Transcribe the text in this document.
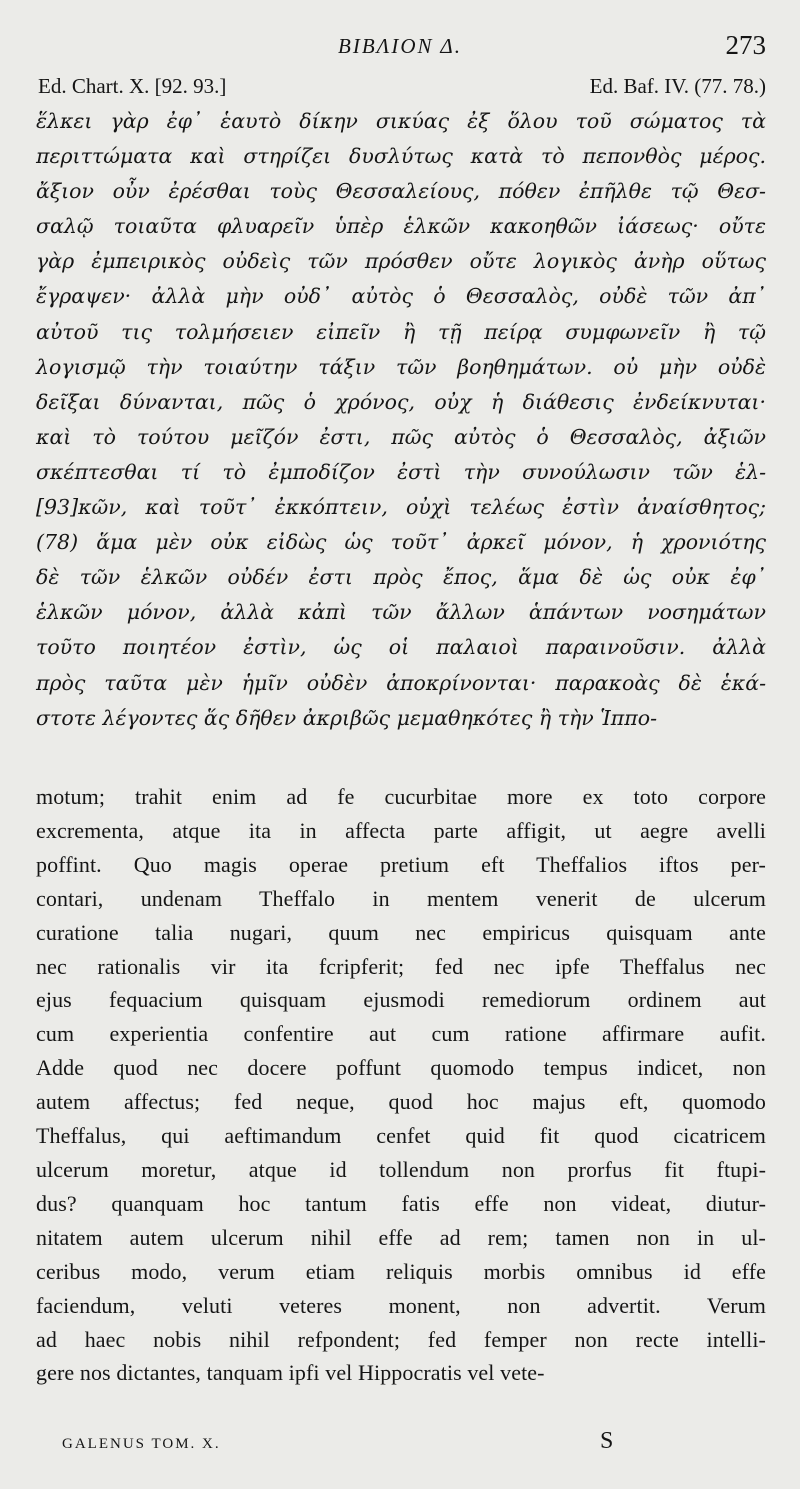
ΒΙΒΛΙΟΝ Δ.	273
Ed. Chart. X. [92. 93.]	Ed. Baf. IV. (77. 78.)
ἕλκει γὰρ ἐφ᾽ ἑαυτὸ δίκην σικύας ἐξ ὅλου τοῦ σώματος τὰ
περιττώματα καὶ στηρίζει δυσλύτως κατὰ τὸ πεπονθὸς μέρος.
ἄξιον οὖν ἐρέσθαι τοὺς Θεσσαλείους, πόθεν ἐπῆλθε τῷ Θεσ-
σαλῷ τοιαῦτα φλυαρεῖν ὑπὲρ ἑλκῶν κακοηθῶν ἰάσεως· οὔτε
γὰρ ἐμπειρικὸς οὐδεὶς τῶν πρόσθεν οὔτε λογικὸς ἀνὴρ οὕτως
ἔγραψεν· ἀλλὰ μὴν οὐδ᾽ αὐτὸς ὁ Θεσσαλὸς, οὐδὲ τῶν ἀπ᾽
αὐτοῦ τις τολμήσειεν εἰπεῖν ἢ τῇ πείρᾳ συμφωνεῖν ἢ τῷ
λογισμῷ τὴν τοιαύτην τάξιν τῶν βοηθημάτων. οὐ μὴν οὐδὲ
δεῖξαι δύνανται, πῶς ὁ χρόνος, οὐχ ἡ διάθεσις ἐνδείκνυται·
καὶ τὸ τούτου μεῖζόν ἐστι, πῶς αὐτὸς ὁ Θεσσαλὸς, ἀξιῶν
σκέπτεσθαι τί τὸ ἐμποδίζον ἐστὶ τὴν συνούλωσιν τῶν ἑλ-
[93]κῶν, καὶ τοῦτ᾽ ἐκκόπτειν, οὐχὶ τελέως ἐστὶν ἀναίσθητος;
(78) ἅμα μὲν οὐκ εἰδὼς ὡς τοῦτ᾽ ἀρκεῖ μόνον, ἡ χρονιότης
δὲ τῶν ἑλκῶν οὐδέν ἐστι πρὸς ἔπος, ἅμα δὲ ὡς οὐκ ἐφ᾽
ἑλκῶν μόνον, ἀλλὰ κἀπὶ τῶν ἄλλων ἁπάντων νοσημάτων
τοῦτο ποιητέον ἐστὶν, ὡς οἱ παλαιοὶ παραινοῦσιν. ἀλλὰ
πρὸς ταῦτα μὲν ἡμῖν οὐδὲν ἀποκρίνονται· παρακοὰς δὲ ἑκά-
στοτε λέγοντες ἅς δῆθεν ἀκριβῶς μεμαθηκότες ἢ τὴν Ἱππο-
motum; trahit enim ad fe cucurbitae more ex toto corpore
excrementa, atque ita in affecta parte affigit, ut aegre avelli
poffint. Quo magis operae pretium eft Theffalios iftos per-
contari, undenam Theffalo in mentem venerit de ulcerum
curatione talia nugari, quum nec empiricus quisquam ante
nec rationalis vir ita fcripferit; fed nec ipfe Theffalus nec
ejus fequacium quisquam ejusmodi remediorum ordinem aut
cum experientia confentire aut cum ratione affirmare aufit.
Adde quod nec docere poffunt quomodo tempus indicet, non
autem affectus; fed neque, quod hoc majus eft, quomodo
Theffalus, qui aeftimandum cenfet quid fit quod cicatricem
ulcerum moretur, atque id tollendum non prorfus fit ftupi-
dus? quanquam hoc tantum fatis effe non videat, diutur-
nitatem autem ulcerum nihil effe ad rem; tamen non in ul-
ceribus modo, verum etiam reliquis morbis omnibus id effe
faciendum, veluti veteres monent, non advertit. Verum
ad haec nobis nihil refpondent; fed femper non recte intelli-
gere nos dictantes, tanquam ipfi vel Hippocratis vel vete-
GALENUS TOM. X.	S
